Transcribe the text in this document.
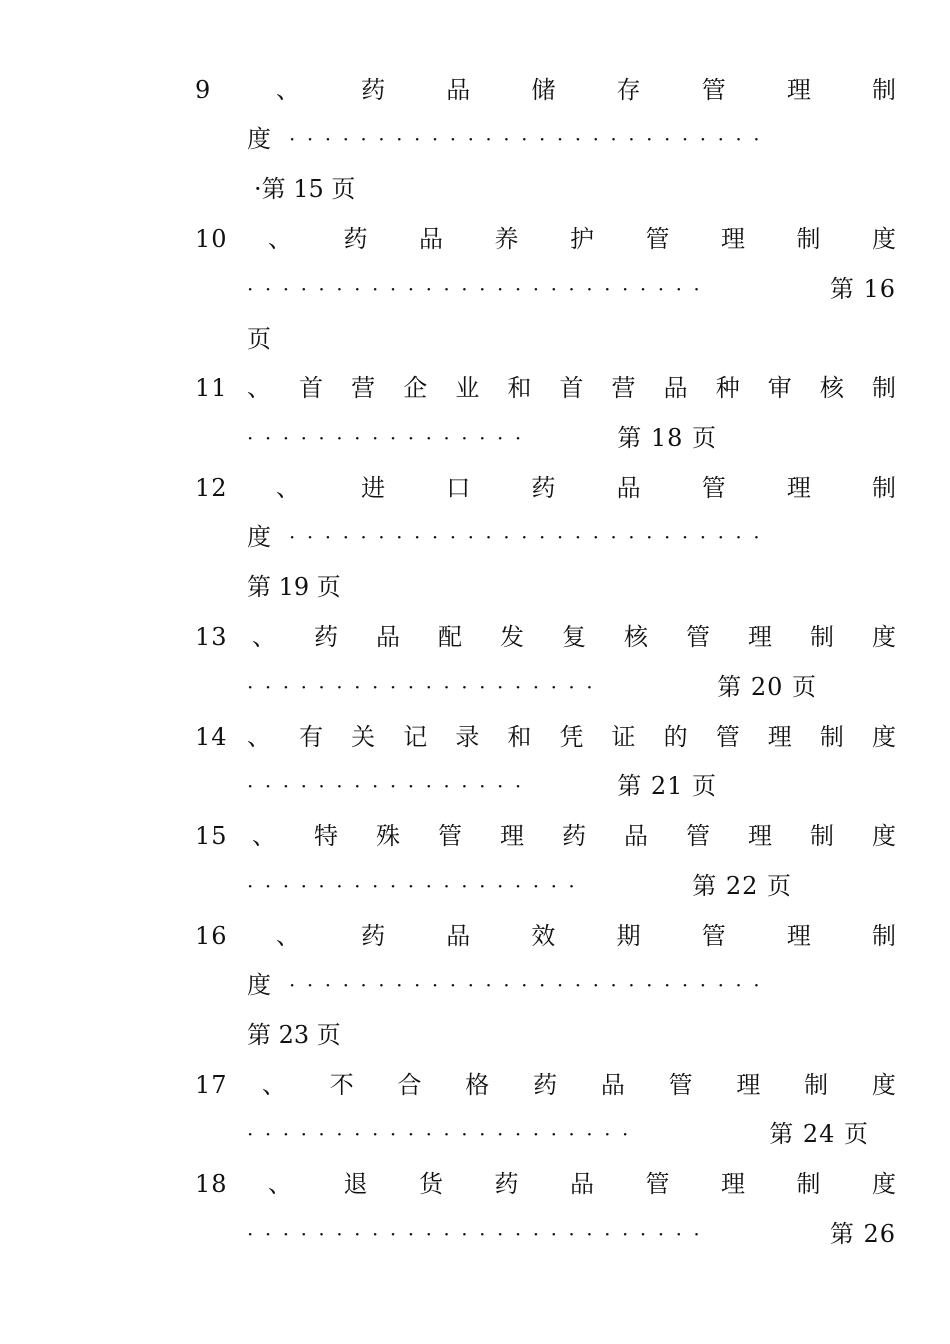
9
	、	药	品	储	存	管	理	制
度 ···························
·第 15 页
10	、 药 品 养 护 管 理 制 度
··························	第 16
页
11 、 首 营 企 业 和 首 营 品 种 审 核 制
················	第 18 页
12	、	进	口	药	品	管	理	制
度 ···························
第 19 页
13	、 药 品 配 发 复 核 管 理 制 度
····················	第 20 页
14 、 有 关 记 录 和 凭 证 的 管 理 制 度
················	第 21 页
15	、 特 殊 管 理 药 品 管 理 制 度
···················	第 22 页
16	、	药	品	效	期	管	理	制
度 ···························
第 23 页
17	、 不 合 格 药 品 管 理 制 度
······················	第 24 页
18	、 退 货 药 品 管 理 制 度
··························	第 26
